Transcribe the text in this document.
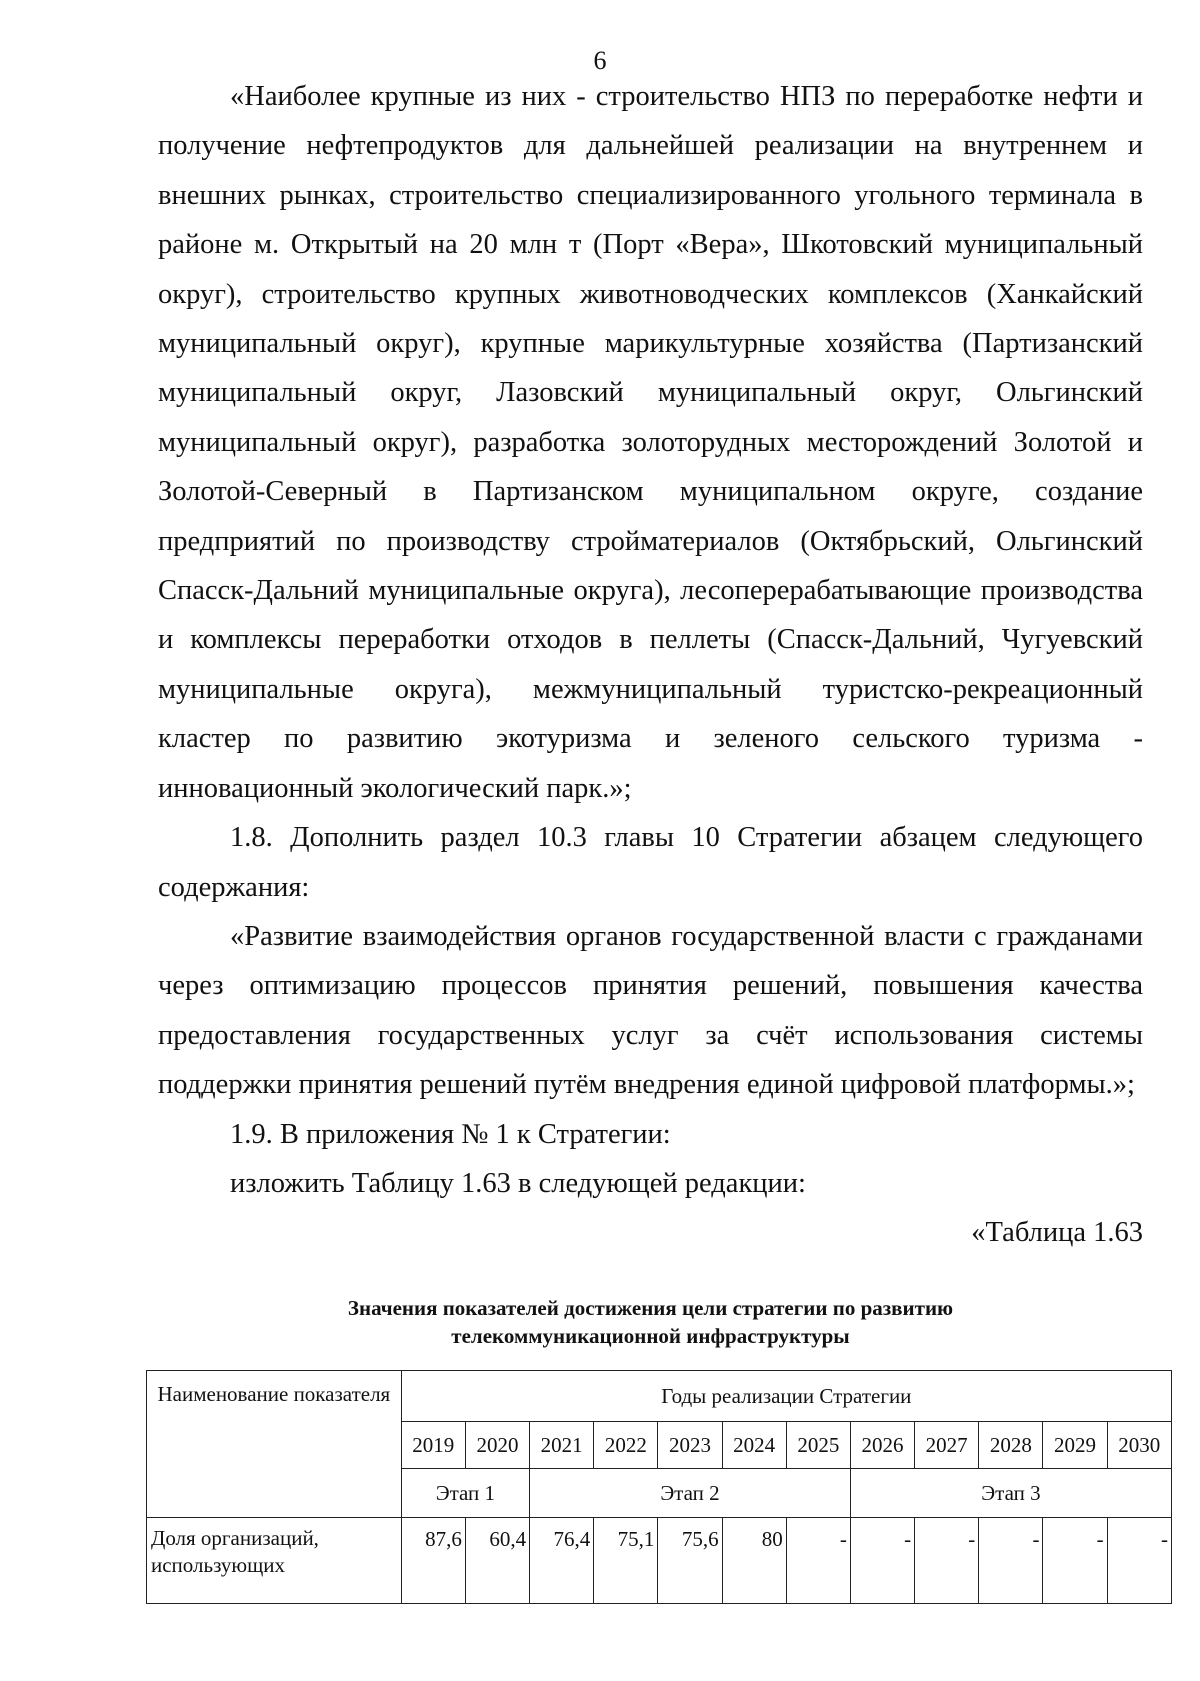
6

«Наиболее крупные из них - строительство НПЗ по переработке нефти и
получение нефтепродуктов для дальнейшей реализации на внутреннем и
внешних рынках, строительство специализированного угольного терминала в
районе м. Открытый на 20 млн т (Порт «Вера», Шкотовский муниципальный
округ), строительство крупных животноводческих комплексов (Ханкайский
муниципальный округ), крупные марикультурные хозяйства (Партизанский
муниципальный округ, Лазовский муниципальный округ, Ольгинский
муниципальный округ), разработка золоторудных месторождений Золотой и
Золотой-Северный в Партизанском муниципальном округе, создание
предприятий по производству стройматериалов (Октябрьский, Ольгинский
Спасск-Дальний муниципальные округа), лесоперерабатывающие производства
и комплексы переработки отходов в пеллеты (Спасск-Дальний, Чугуевский
муниципальные округа), межмуниципальный туристско-рекреационный
кластер по развитию экотуризма и зеленого сельского туризма -
инновационный экологический парк.»;

1.8. Дополнить раздел 10.3 главы 10 Стратегии абзацем следующего
содержания:

«Развитие взаимодействия органов государственной власти с гражданами
через оптимизацию процессов принятия решений, повышения качества
предоставления государственных услуг за счёт использования системы
поддержки принятия решений путём внедрения единой цифровой платформы.»;

1.9. В приложения № 1 к Стратегии:

изложить Таблицу 1.63 в следующей редакции:

«Таблица 1.63

Значения показателей достижения цели стратегии по развитию
телекоммуникационной инфраструктуры
Наименование показателя	Годы реализации Стратегии											
	2019	2020	2021	2022	2023	2024	2025	2026	2027	2028	2029	2030
	Этап 1		Этап 2					Этап 3				
Доля организаций, использующих	87,6	60,4	76,4	75,1	75,6	80	-	-	-	-	-	-
